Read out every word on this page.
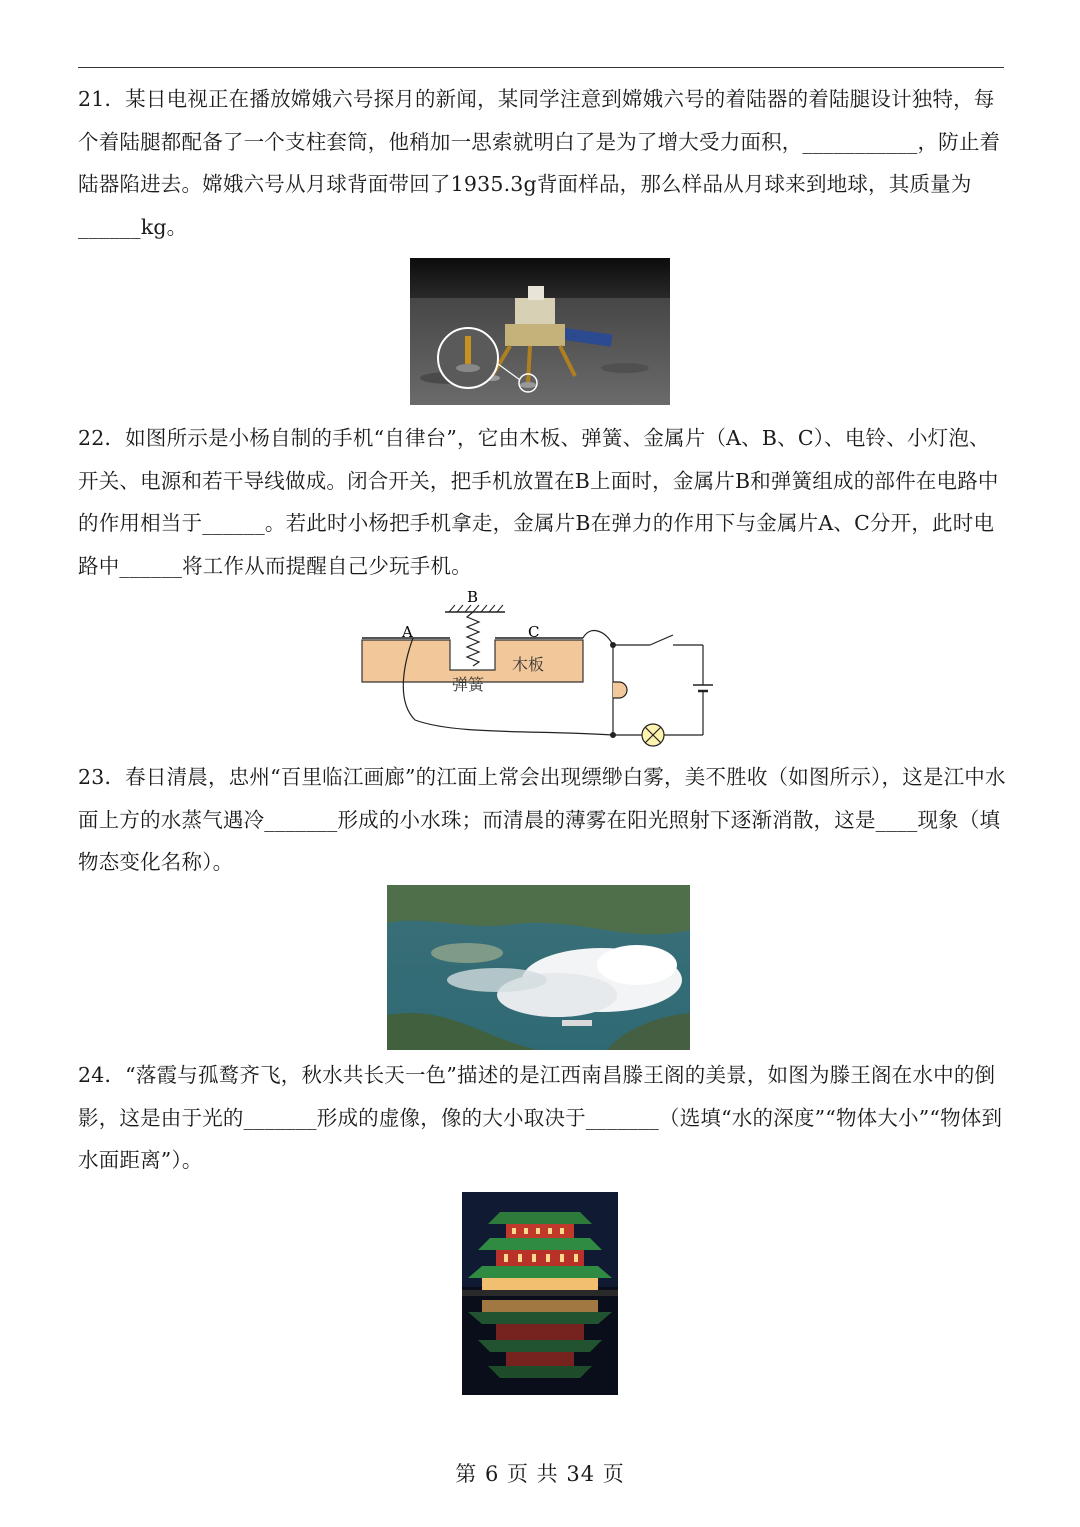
21．某日电视正在播放嫦娥六号探月的新闻，某同学注意到嫦娥六号的着陆器的着陆腿设计独特，每个着陆腿都配备了一个支柱套筒，他稍加一思索就明白了是为了增大受力面积，___________，防止着陆器陷进去。嫦娥六号从月球背面带回了1935.3g背面样品，那么样品从月球来到地球，其质量为______kg。
22．如图所示是小杨自制的手机“自律台”，它由木板、弹簧、金属片（A、B、C）、电铃、小灯泡、开关、电源和若干导线做成。闭合开关，把手机放置在B上面时，金属片B和弹簧组成的部件在电路中的作用相当于______。若此时小杨把手机拿走，金属片B在弹力的作用下与金属片A、C分开，此时电路中______将工作从而提醒自己少玩手机。
B
A	C
木板
弹簧
23．春日清晨，忠州“百里临江画廊”的江面上常会出现缥缈白雾，美不胜收（如图所示），这是江中水面上方的水蒸气遇冷_______形成的小水珠；而清晨的薄雾在阳光照射下逐渐消散，这是____现象（填物态变化名称）。
24．“落霞与孤鹜齐飞，秋水共长天一色”描述的是江西南昌滕王阁的美景，如图为滕王阁在水中的倒影，这是由于光的_______形成的虚像，像的大小取决于_______（选填“水的深度”“物体大小”“物体到水面距离”）。
第 6 页 共 34 页
